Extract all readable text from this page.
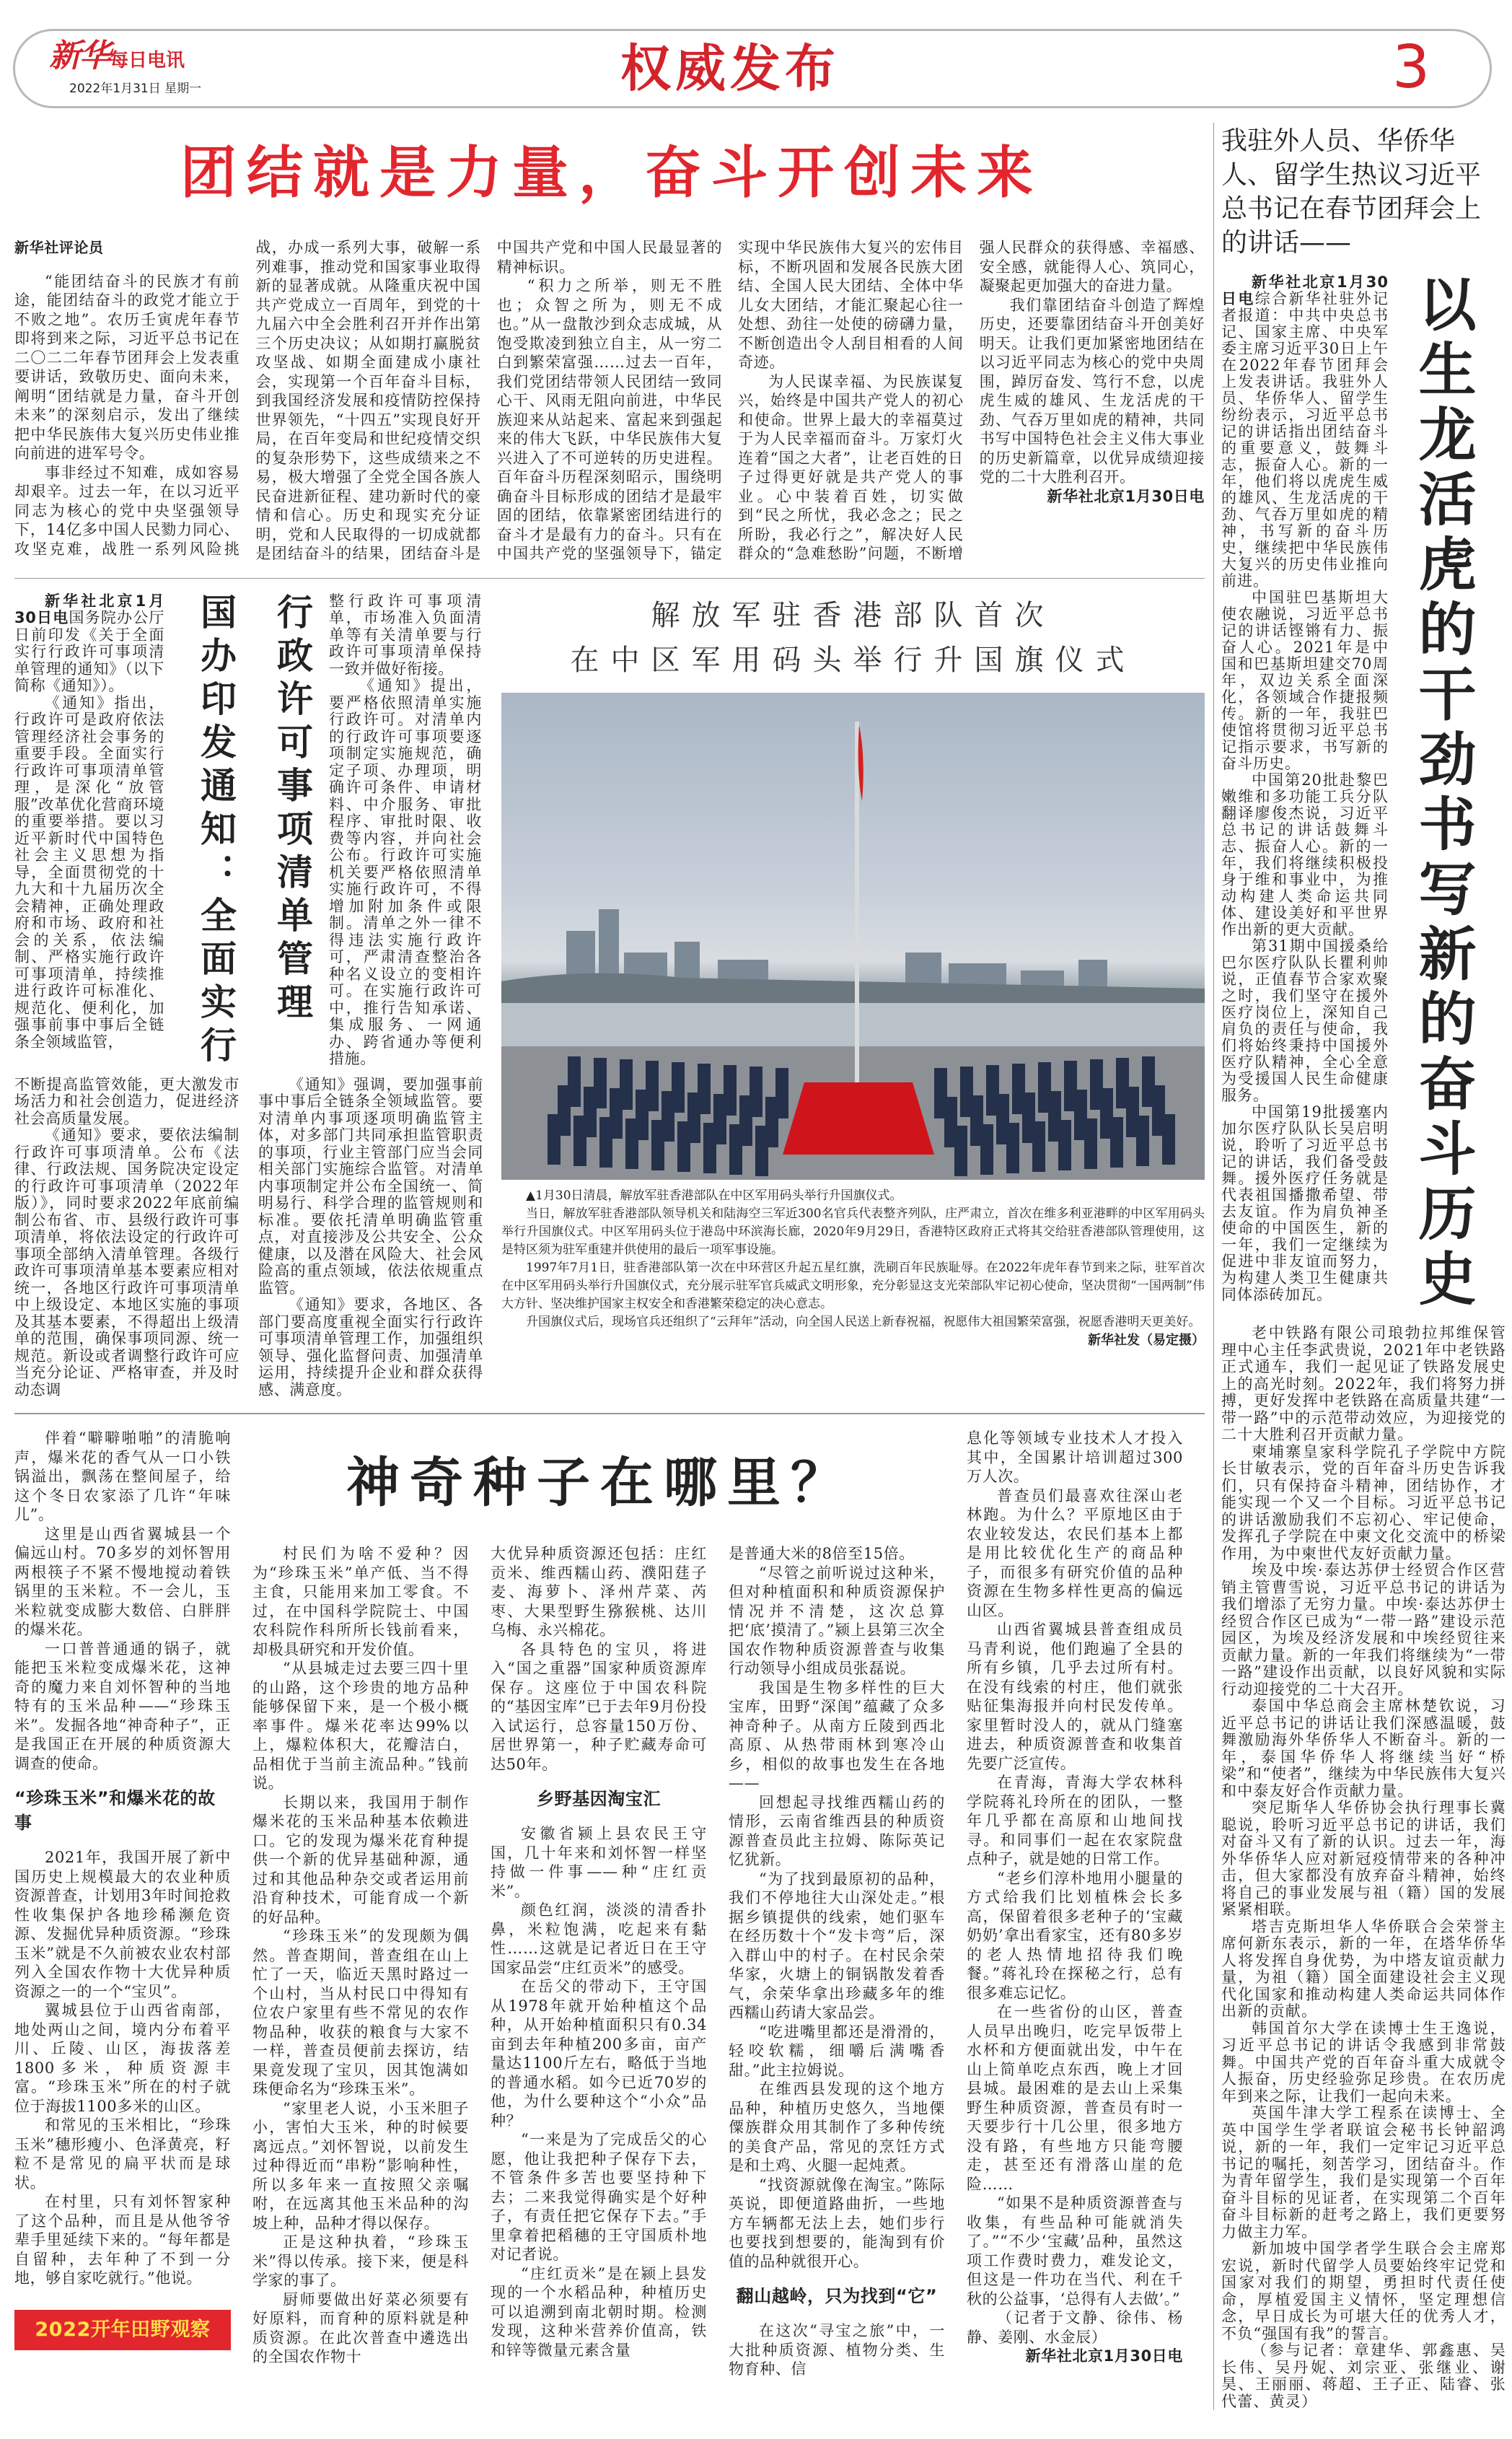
新华每日电讯
2022年1月31日 星期一	权威发布	3
团结就是力量，奋斗开创未来

新华社评论员

“能团结奋斗的民族才有前途，能团结奋斗的政党才能立于不败之地”。农历壬寅虎年春节即将到来之际，习近平总书记在二〇二二年春节团拜会上发表重要讲话，致敬历史、面向未来，阐明“团结就是力量，奋斗开创未来”的深刻启示，发出了继续把中华民族伟大复兴历史伟业推向前进的进军号令。

事非经过不知难，成如容易却艰辛。过去一年，在以习近平同志为核心的党中央坚强领导下，14亿多中国人民勠力同心、攻坚克难，战胜一系列风险挑战，办成一系列大事，破解一系列难事，推动党和国家事业取得新的显著成就。从隆重庆祝中国共产党成立一百周年，到党的十九届六中全会胜利召开并作出第三个历史决议；从如期打赢脱贫攻坚战、如期全面建成小康社会，实现第一个百年奋斗目标，到我国经济发展和疫情防控保持世界领先，“十四五”实现良好开局，在百年变局和世纪疫情交织的复杂形势下，这些成绩来之不易，极大增强了全党全国各族人民奋进新征程、建功新时代的豪情和信心。历史和现实充分证明，党和人民取得的一切成就都是团结奋斗的结果，团结奋斗是中国共产党和中国人民最显著的精神标识。

“积力之所举，则无不胜也；众智之所为，则无不成也。”从一盘散沙到众志成城，从饱受欺凌到独立自主，从一穷二白到繁荣富强……过去一百年，我们党团结带领人民团结一致同心干、风雨无阻向前进，中华民族迎来从站起来、富起来到强起来的伟大飞跃，中华民族伟大复兴进入了不可逆转的历史进程。百年奋斗历程深刻昭示，围绕明确奋斗目标形成的团结才是最牢固的团结，依靠紧密团结进行的奋斗才是最有力的奋斗。只有在中国共产党的坚强领导下，锚定实现中华民族伟大复兴的宏伟目标，不断巩固和发展各民族大团结、全国人民大团结、全体中华儿女大团结，才能汇聚起心往一处想、劲往一处使的磅礴力量，不断创造出令人刮目相看的人间奇迹。

为人民谋幸福、为民族谋复兴，始终是中国共产党人的初心和使命。世界上最大的幸福莫过于为人民幸福而奋斗。万家灯火连着“国之大者”，让老百姓的日子过得更好就是共产党人的事业。心中装着百姓，切实做到“民之所忧，我必念之；民之所盼，我必行之”，解决好人民群众的“急难愁盼”问题，不断增强人民群众的获得感、幸福感、安全感，就能得人心、筑同心，凝聚起更加强大的奋进力量。

我们靠团结奋斗创造了辉煌历史，还要靠团结奋斗开创美好明天。让我们更加紧密地团结在以习近平同志为核心的党中央周围，踔厉奋发、笃行不怠，以虎虎生威的雄风、生龙活虎的干劲、气吞万里如虎的精神，共同书写中国特色社会主义伟大事业的历史新篇章，以优异成绩迎接党的二十大胜利召开。

新华社北京1月30日电

新华社北京1月30日电国务院办公厅日前印发《关于全面实行行政许可事项清单管理的通知》（以下简称《通知》）。

《通知》指出，行政许可是政府依法管理经济社会事务的重要手段。全面实行行政许可事项清单管理，是深化“放管服”改革优化营商环境的重要举措。要以习近平新时代中国特色社会主义思想为指导，全面贯彻党的十九大和十九届历次全会精神，正确处理政府和市场、政府和社会的关系，依法编制、严格实施行政许可事项清单，持续推进行政许可标准化、规范化、便利化，加强事前事中事后全链条全领域监管，	国办印发通知：全面实行 行政许可事项清单管理 整行政许可事项清单，市场准入负面清单等有关清单要与行政许可事项清单保持一致并做好衔接。

《通知》提出，要严格依照清单实施行政许可。对清单内的行政许可事项要逐项制定实施规范，确定子项、办理项，明确许可条件、申请材料、中介服务、审批程序、审批时限、收费等内容，并向社会公布。行政许可实施机关要严格依照清单实施行政许可，不得增加附加条件或限制。清单之外一律不得违法实施行政许可，严肃清查整治各种名义设立的变相许可。在实施行政许可中，推行告知承诺、集成服务、一网通办、跨省通办等便利措施。

不断提高监管效能，更大激发市场活力和社会创造力，促进经济社会高质量发展。

《通知》要求，要依法编制行政许可事项清单。公布《法律、行政法规、国务院决定设定的行政许可事项清单（2022年版）》，同时要求2022年底前编制公布省、市、县级行政许可事项清单，将依法设定的行政许可事项全部纳入清单管理。各级行政许可事项清单基本要素应相对统一，各地区行政许可事项清单中上级设定、本地区实施的事项及其基本要素，不得超出上级清单的范围，确保事项同源、统一规范。新设或者调整行政许可应当充分论证、严格审查，并及时动态调

《通知》强调，要加强事前事中事后全链条全领域监管。要对清单内事项逐项明确监管主体，对多部门共同承担监管职责的事项，行业主管部门应当会同相关部门实施综合监管。对清单内事项制定并公布全国统一、简明易行、科学合理的监管规则和标准。要依托清单明确监管重点，对直接涉及公共安全、公众健康，以及潜在风险大、社会风险高的重点领域，依法依规重点监管。

《通知》要求，各地区、各部门要高度重视全面实行行政许可事项清单管理工作，加强组织领导、强化监督问责、加强清单运用，持续提升企业和群众获得感、满意度。

解放军驻香港部队首次
在中区军用码头举行升国旗仪式

▲1月30日清晨，解放军驻香港部队在中区军用码头举行升国旗仪式。

当日，解放军驻香港部队领导机关和陆海空三军近300名官兵代表整齐列队，庄严肃立，首次在维多利亚港畔的中区军用码头举行升国旗仪式。中区军用码头位于港岛中环滨海长廊，2020年9月29日，香港特区政府正式将其交给驻香港部队管理使用，这是特区须为驻军重建并供使用的最后一项军事设施。

1997年7月1日，驻香港部队第一次在中环营区升起五星红旗，洗刷百年民族耻辱。在2022年虎年春节到来之际，驻军首次在中区军用码头举行升国旗仪式，充分展示驻军官兵威武文明形象，充分彰显这支光荣部队牢记初心使命，坚决贯彻“一国两制”伟大方针、坚决维护国家主权安全和香港繁荣稳定的决心意志。

升国旗仪式后，现场官兵还组织了“云拜年”活动，向全国人民送上新春祝福，祝愿伟大祖国繁荣富强，祝愿香港明天更美好。

新华社发（易定摄）

伴着“噼噼啪啪”的清脆响声，爆米花的香气从一口小铁锅溢出，飘荡在整间屋子，给这个冬日农家添了几许“年味儿”。

这里是山西省翼城县一个偏远山村。70多岁的刘怀智用两根筷子不紧不慢地搅动着铁锅里的玉米粒。不一会儿，玉米粒就变成膨大数倍、白胖胖的爆米花。

一口普普通通的锅子，就能把玉米粒变成爆米花，这神奇的魔力来自刘怀智种的当地特有的玉米品种——“珍珠玉米”。发掘各地“神奇种子”，正是我国正在开展的种质资源大调查的使命。

“珍珠玉米”和爆米花的故事

2021年，我国开展了新中国历史上规模最大的农业种质资源普查，计划用3年时间抢救性收集保护各地珍稀濒危资源、发掘优异种质资源。“珍珠玉米”就是不久前被农业农村部列入全国农作物十大优异种质资源之一的一个“宝贝”。

翼城县位于山西省南部，地处两山之间，境内分布着平川、丘陵、山区，海拔落差1800多米，种质资源丰富。“珍珠玉米”所在的村子就位于海拔1100多米的山区。

和常见的玉米相比，“珍珠玉米”穗形瘦小、色泽黄亮，籽粒不是常见的扁平状而是球状。

在村里，只有刘怀智家种了这个品种，而且是从他爷爷辈手里延续下来的。“每年都是自留种，去年种了不到一分地，够自家吃就行。”他说。

2022开年田野观察
神奇种子在哪里？

村民们为啥不爱种？因为“珍珠玉米”单产低、当不得主食，只能用来加工零食。不过，在中国科学院院士、中国农科院作科所所长钱前看来，却极具研究和开发价值。

“从县城走过去要三四十里的山路，这个珍贵的地方品种能够保留下来，是一个极小概率事件。爆米花率达99%以上，爆粒体积大，花瓣洁白，品相优于当前主流品种。”钱前说。

长期以来，我国用于制作爆米花的玉米品种基本依赖进口。它的发现为爆米花育种提供一个新的优异基础种源，通过和其他品种杂交或者运用前沿育种技术，可能育成一个新的好品种。

“珍珠玉米”的发现颇为偶然。普查期间，普查组在山上忙了一天，临近天黑时路过一个山村，当从村民口中得知有位农户家里有些不常见的农作物品种，收获的粮食与大家不一样，普查员便前去探访，结果竟发现了宝贝，因其饱满如珠便命名为“珍珠玉米”。

“家里老人说，小玉米胆子小，害怕大玉米，种的时候要离远点。”刘怀智说，以前发生过种得近而“串粉”影响种性，所以多年来一直按照父亲嘱咐，在远离其他玉米品种的沟坡上种，品种才得以保存。

正是这种执着，“珍珠玉米”得以传承。接下来，便是科学家的事了。

厨师要做出好菜必须要有好原料，而育种的原料就是种质资源。在此次普查中遴选出的全国农作物十

大优异种质资源还包括：庄红贡米、维西糯山药、濮阳莛子麦、海萝卜、泽州芹菜、芮枣、大果型野生猕猴桃、达川乌梅、永兴棉花。

各具特色的宝贝，将进入“国之重器”国家种质资源库保存。这座位于中国农科院的“基因宝库”已于去年9月份投入试运行，总容量150万份、居世界第一，种子贮藏寿命可达50年。

乡野基因淘宝汇

安徽省颍上县农民王守国，几十年来和刘怀智一样坚持做一件事——种“庄红贡米”。

颜色红润，淡淡的清香扑鼻，米粒饱满，吃起来有黏性……这就是记者近日在王守国家品尝“庄红贡米”的感受。

在岳父的带动下，王守国从1978年就开始种植这个品种，从开始种植面积只有0.34亩到去年种植200多亩，亩产量达1100斤左右，略低于当地的普通水稻。如今已近70岁的他，为什么要种这个“小众”品种？

“一来是为了完成岳父的心愿，他让我把种子保存下去，不管条件多苦也要坚持种下去；二来我觉得确实是个好种子，有责任把它保存下去。”手里拿着把稻穗的王守国质朴地对记者说。

“庄红贡米”是在颍上县发现的一个水稻品种，种植历史可以追溯到南北朝时期。检测发现，这种米营养价值高，铁和锌等微量元素含量

是普通大米的8倍至15倍。

“尽管之前听说过这种米，但对种植面积和种质资源保护情况并不清楚，这次总算把‘底’摸清了。”颍上县第三次全国农作物种质资源普查与收集行动领导小组成员张磊说。

我国是生物多样性的巨大宝库，田野“深闺”蕴藏了众多神奇种子。从南方丘陵到西北高原、从热带雨林到寒冷山乡，相似的故事也发生在各地——

回想起寻找维西糯山药的情形，云南省维西县的种质资源普查员此主拉姆、陈际英记忆犹新。

“为了找到最原初的品种，我们不停地往大山深处走。”根据乡镇提供的线索，她们驱车在经历数十个“发卡弯”后，深入群山中的村子。在村民余荣华家，火塘上的铜锅散发着香气，余荣华拿出珍藏多年的维西糯山药请大家品尝。

“吃进嘴里都还是滑滑的，轻咬软糯，细嚼后满嘴香甜。”此主拉姆说。

在维西县发现的这个地方品种，种植历史悠久，当地傈僳族群众用其制作了多种传统的美食产品，常见的烹饪方式是和土鸡、火腿一起炖煮。

“找资源就像在淘宝。”陈际英说，即便道路曲折，一些地方车辆都无法上去，她们步行也要找到想要的，能淘到有价值的品种就很开心。

翻山越岭，只为找到“它”

在这次“寻宝之旅”中，一大批种质资源、植物分类、生物育种、信

息化等领域专业技术人才投入其中，全国累计培训超过300万人次。

普查员们最喜欢往深山老林跑。为什么？平原地区由于农业较发达，农民们基本上都是用比较优化生产的商品种子，而很多有研究价值的品种资源在生物多样性更高的偏远山区。

山西省翼城县普查组成员马青利说，他们跑遍了全县的所有乡镇，几乎去过所有村。在没有线索的村庄，他们就张贴征集海报并向村民发传单。家里暂时没人的，就从门缝塞进去，种质资源普查和收集首先要广泛宣传。

在青海，青海大学农林科学院蒋礼玲所在的团队，一整年几乎都在高原和山地间找寻。和同事们一起在农家院盘点种子，就是她的日常工作。

“老乡们淳朴地用小腿量的方式给我们比划植株会长多高，保留着很多老种子的‘宝藏奶奶’拿出看家宝，还有80多岁的老人热情地招待我们晚餐。”蒋礼玲在探秘之行，总有很多难忘记忆。

在一些省份的山区，普查人员早出晚归，吃完早饭带上水杯和方便面就出发，中午在山上简单吃点东西，晚上才回县城。最困难的是去山上采集野生种质资源，普查员有时一天要步行十几公里，很多地方没有路，有些地方只能弯腰走，甚至还有滑落山崖的危险……

“如果不是种质资源普查与收集，有些品种可能就消失了。”“不少‘宝藏’品种，虽然这项工作费时费力，难发论文，但这是一件功在当代、利在千秋的公益事，‘总得有人去做’。”

（记者于文静、徐伟、杨静、姜刚、水金辰）

新华社北京1月30日电

我驻外人员、华侨华人、留学生热议习近平总书记在春节团拜会上的讲话——

新华社北京1月30日电综合新华社驻外记者报道：中共中央总书记、国家主席、中央军委主席习近平30日上午在2022年春节团拜会上发表讲话。我驻外人员、华侨华人、留学生纷纷表示，习近平总书记的讲话指出团结奋斗的重要意义，鼓舞斗志，振奋人心。新的一年，他们将以虎虎生威的雄风、生龙活虎的干劲、气吞万里如虎的精神，书写新的奋斗历史，继续把中华民族伟大复兴的历史伟业推向前进。

中国驻巴基斯坦大使农融说，习近平总书记的讲话铿锵有力、振奋人心。2021年是中国和巴基斯坦建交70周年，双边关系全面深化，各领域合作捷报频传。新的一年，我驻巴使馆将贯彻习近平总书记指示要求，书写新的奋斗历史。

中国第20批赴黎巴嫩维和多功能工兵分队翻译廖俊杰说，习近平总书记的讲话鼓舞斗志、振奋人心。新的一年，我们将继续积极投身于维和事业中，为推动构建人类命运共同体、建设美好和平世界作出新的更大贡献。

第31期中国援桑给巴尔医疗队队长瞿利帅说，正值春节合家欢聚之时，我们坚守在援外医疗岗位上，深知自己肩负的责任与使命，我们将始终秉持中国援外医疗队精神，全心全意为受援国人民生命健康服务。

中国第19批援塞内加尔医疗队队长吴启明说，聆听了习近平总书记的讲话，我们备受鼓舞。援外医疗任务就是代表祖国播撒希望、带去友谊。作为肩负神圣使命的中国医生，新的一年，我们一定继续为促进中非友谊而努力，为构建人类卫生健康共同体添砖加瓦。	以生龙活虎的干劲书写新的奋斗历史

老中铁路有限公司琅勃拉邦维保管理中心主任李武贵说，2021年中老铁路正式通车，我们一起见证了铁路发展史上的高光时刻。2022年，我们将努力拼搏，更好发挥中老铁路在高质量共建“一带一路”中的示范带动效应，为迎接党的二十大胜利召开贡献力量。

柬埔寨皇家科学院孔子学院中方院长甘敏表示，党的百年奋斗历史告诉我们，只有保持奋斗精神，团结协作，才能实现一个又一个目标。习近平总书记的讲话激励我们不忘初心、牢记使命，发挥孔子学院在中柬文化交流中的桥梁作用，为中柬世代友好贡献力量。

埃及中埃·泰达苏伊士经贸合作区营销主管曹雪说，习近平总书记的讲话为我们增添了无穷力量。中埃·泰达苏伊士经贸合作区已成为“一带一路”建设示范园区，为埃及经济发展和中埃经贸往来贡献力量。新的一年我们将继续为“一带一路”建设作出贡献，以良好风貌和实际行动迎接党的二十大召开。

泰国中华总商会主席林楚钦说，习近平总书记的讲话让我们深感温暖，鼓舞激励海外华侨华人不断奋斗。新的一年，泰国华侨华人将继续当好“桥梁”和“使者”，继续为中华民族伟大复兴和中泰友好合作贡献力量。

突尼斯华人华侨协会执行理事长冀聪说，聆听习近平总书记的讲话，我们对奋斗又有了新的认识。过去一年，海外华侨华人应对新冠疫情带来的各种冲击，但大家都没有放弃奋斗精神，始终将自己的事业发展与祖（籍）国的发展紧紧相联。

塔吉克斯坦华人华侨联合会荣誉主席何新东表示，新的一年，在塔华侨华人将发挥自身优势，为中塔友谊贡献力量，为祖（籍）国全面建设社会主义现代化国家和推动构建人类命运共同体作出新的贡献。

韩国首尔大学在读博士生王逸说，习近平总书记的讲话令我感到非常鼓舞。中国共产党的百年奋斗重大成就令人振奋，历史经验弥足珍贵。在农历虎年到来之际，让我们一起向未来。

英国牛津大学工程系在读博士、全英中国学生学者联谊会秘书长钟韶鸿说，新的一年，我们一定牢记习近平总书记的嘱托，刻苦学习，团结奋斗。作为青年留学生，我们是实现第一个百年奋斗目标的见证者，在实现第二个百年奋斗目标新的赶考之路上，我们更要努力做主力军。

新加坡中国学者学生联合会主席郑宏说，新时代留学人员要始终牢记党和国家对我们的期望，勇担时代责任使命，厚植爱国主义情怀，坚定理想信念，早日成长为可堪大任的优秀人才，不负“强国有我”的誓言。

（参与记者：章建华、郭鑫惠、吴长伟、吴丹妮、刘宗亚、张继业、谢昊、王丽丽、蒋超、王子正、陆睿、张代蕾、黄灵）
